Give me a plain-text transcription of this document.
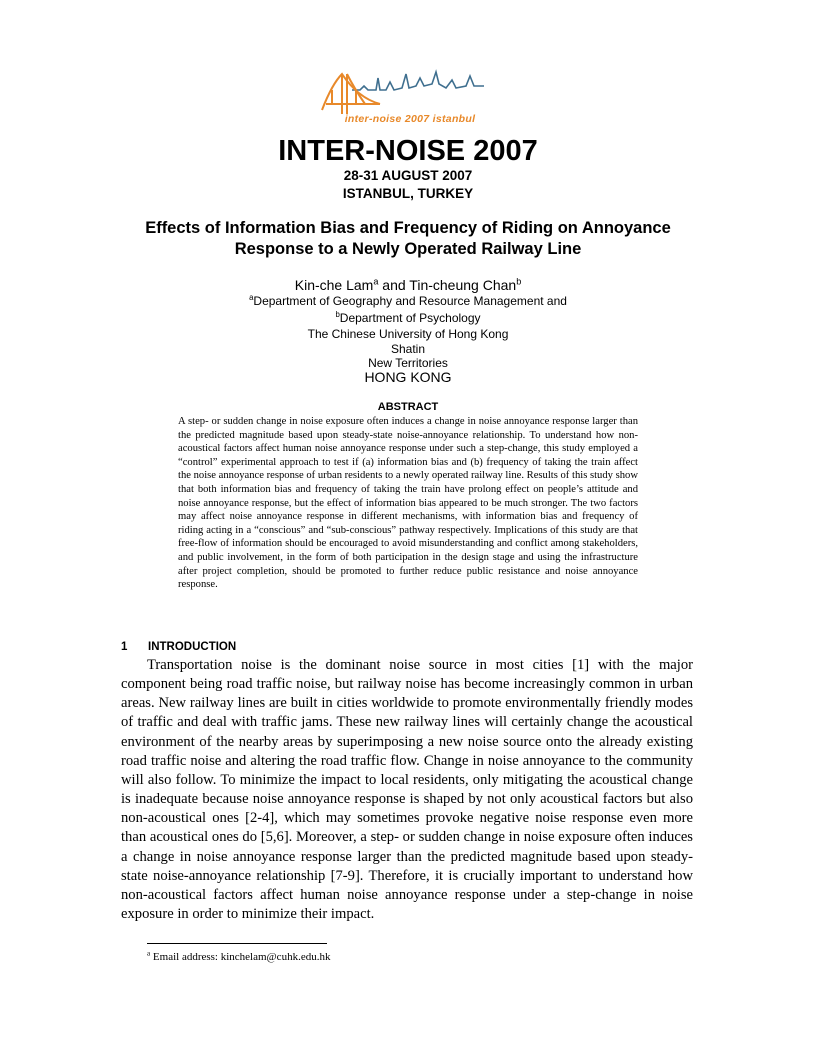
inter-noise 2007 istanbul
INTER-NOISE 2007
28-31 AUGUST 2007
ISTANBUL, TURKEY
Effects of Information Bias and Frequency of Riding on Annoyance Response to a Newly Operated Railway Line
Kin-che Lam$^a$ and Tin-cheung Chan$^b$
$^a$Department of Geography and Resource Management and
$^b$Department of Psychology
The Chinese University of Hong Kong
Shatin
New Territories
HONG KONG
ABSTRACT
A step- or sudden change in noise exposure often induces a change in noise annoyance response larger than the predicted magnitude based upon steady-state noise-annoyance relationship. To understand how non-acoustical factors affect human noise annoyance response under such a step-change, this study employed a “control” experimental approach to test if (a) information bias and (b) frequency of taking the train affect the noise annoyance response of urban residents to a newly operated railway line. Results of this study show that both information bias and frequency of taking the train have prolong effect on people’s attitude and noise annoyance response, but the effect of information bias appeared to be much stronger. The two factors may affect noise annoyance response in different mechanisms, with information bias and frequency of riding acting in a “conscious” and “sub-conscious” pathway respectively. Implications of this study are that free-flow of information should be encouraged to avoid misunderstanding and conflict among stakeholders, and public involvement, in the form of both participation in the design stage and using the infrastructure after project completion, should be promoted to further reduce public resistance and noise annoyance response.
1 INTRODUCTION
Transportation noise is the dominant noise source in most cities [1] with the major component being road traffic noise, but railway noise has become increasingly common in urban areas. New railway lines are built in cities worldwide to promote environmentally friendly modes of traffic and deal with traffic jams. These new railway lines will certainly change the acoustical environment of the nearby areas by superimposing a new noise source onto the already existing road traffic noise and altering the road traffic flow. Change in noise annoyance to the community will also follow. To minimize the impact to local residents, only mitigating the acoustical change is inadequate because noise annoyance response is shaped by not only acoustical factors but also non-acoustical ones [2-4], which may sometimes provoke negative noise response even more than acoustical ones do [5,6]. Moreover, a step- or sudden change in noise exposure often induces a change in noise annoyance response larger than the predicted magnitude based upon steady-state noise-annoyance relationship [7-9]. Therefore, it is crucially important to understand how non-acoustical factors affect human noise annoyance response under a step-change in noise exposure in order to minimize their impact.
$^a$ Email address: kinchelam@cuhk.edu.hk
